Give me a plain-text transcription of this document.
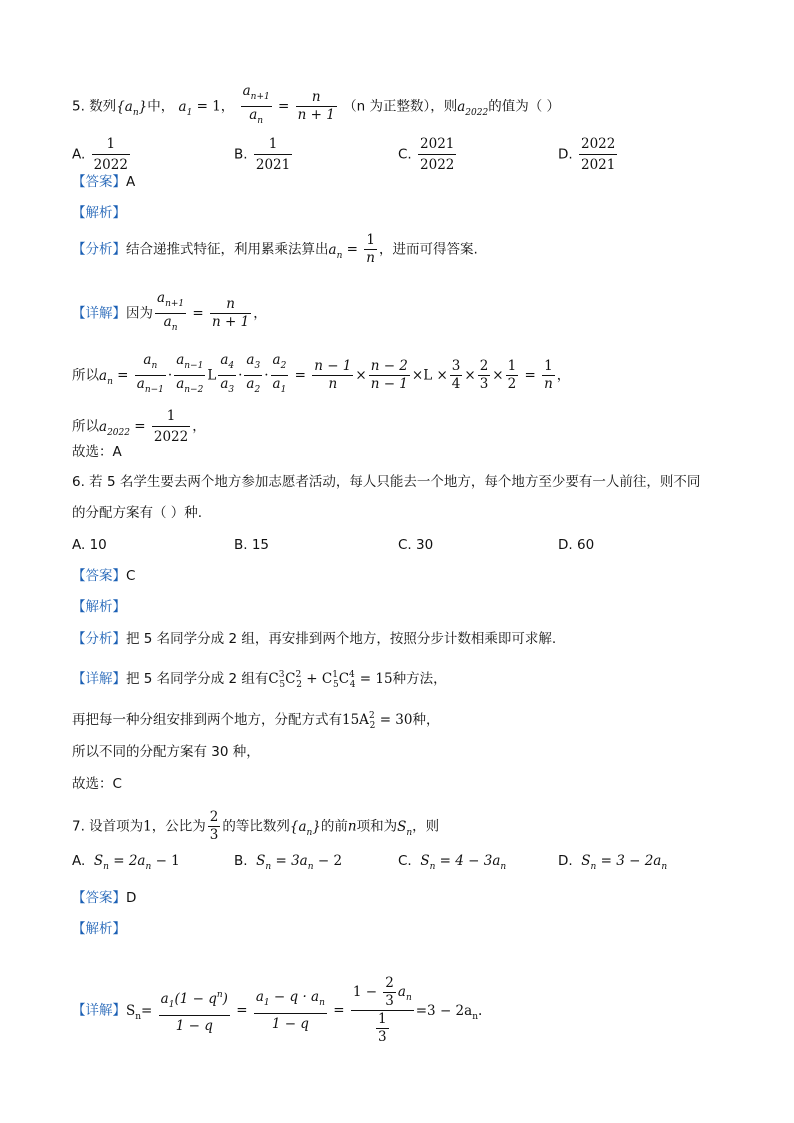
5. 数列$\{a_n\}$中， $a_1 = 1$， $\frac{a_{n+1}}{a_n} = \frac{n}{n + 1} (n$ 为正整数），则$a_{2022}$的值为（ ）
A. $\frac{1}{2022}$	B. $\frac{1}{2021}$	C. $\frac{2021}{2022}$	D. $\frac{2022}{2021}$
【答案】A
【解析】
【分析】结合递推式特征，利用累乘法算出$a_n = \frac{1}{n}$ ，进而可得答案.
【详解】因为 $\frac{a_{n+1}}{a_n} = \frac{n}{n + 1}$ ，
所以$a_n = \frac{a_n}{a_{n-1}} \cdot \frac{a_{n-1}}{a_{n-2}}$ L $\frac{a_4}{a_3} \cdot \frac{a_3}{a_2} \cdot \frac{a_2}{a_1} = \frac{n - 1}{n} \times \frac{n - 2}{n - 1} \times L \times \frac{3}{4} \times \frac{2}{3} \times \frac{1}{2} = \frac{1}{n}$ ，
所以$a_{2022} = \frac{1}{2022}$ ，
故选：A
6. 若 5 名学生要去两个地方参加志愿者活动，每人只能去一个地方，每个地方至少要有一人前往，则不同
的分配方案有（ ）种.
A. 10	B. 15	C. 30	D. 60
【答案】C
【解析】
【分析】把 5 名同学分成 2 组，再安排到两个地方，按照分步计数相乘即可求解.
【详解】把 5 名同学分成 2 组有$C^3_5C^2_2 + C^1_5C^4_4 = 15$种方法，
再把每一种分组安排到两个地方，分配方式有$15A^2_2 = 30$种，
所以不同的分配方案有 30 种，
故选：C
7. 设首项为1，公比为 $\frac{2}{3}$ 的等比数列$\{a_n\}$的前n项和为$S_n$，则
A. $S_n = 2a_n - 1$	B. $S_n = 3a_n - 2$	C. $S_n = 4 - 3a_n$	D. $S_n = 3 - 2a_n$
【答案】D
【解析】
【详解】$S_n= \frac{a_1(1 - q^n)}{1 - q} = \frac{a_1 - q \cdot a_n}{1 - q} = \frac{1 - \frac{2}{3} a_n}{\frac{1}{3}} =3 - 2a_n$.
